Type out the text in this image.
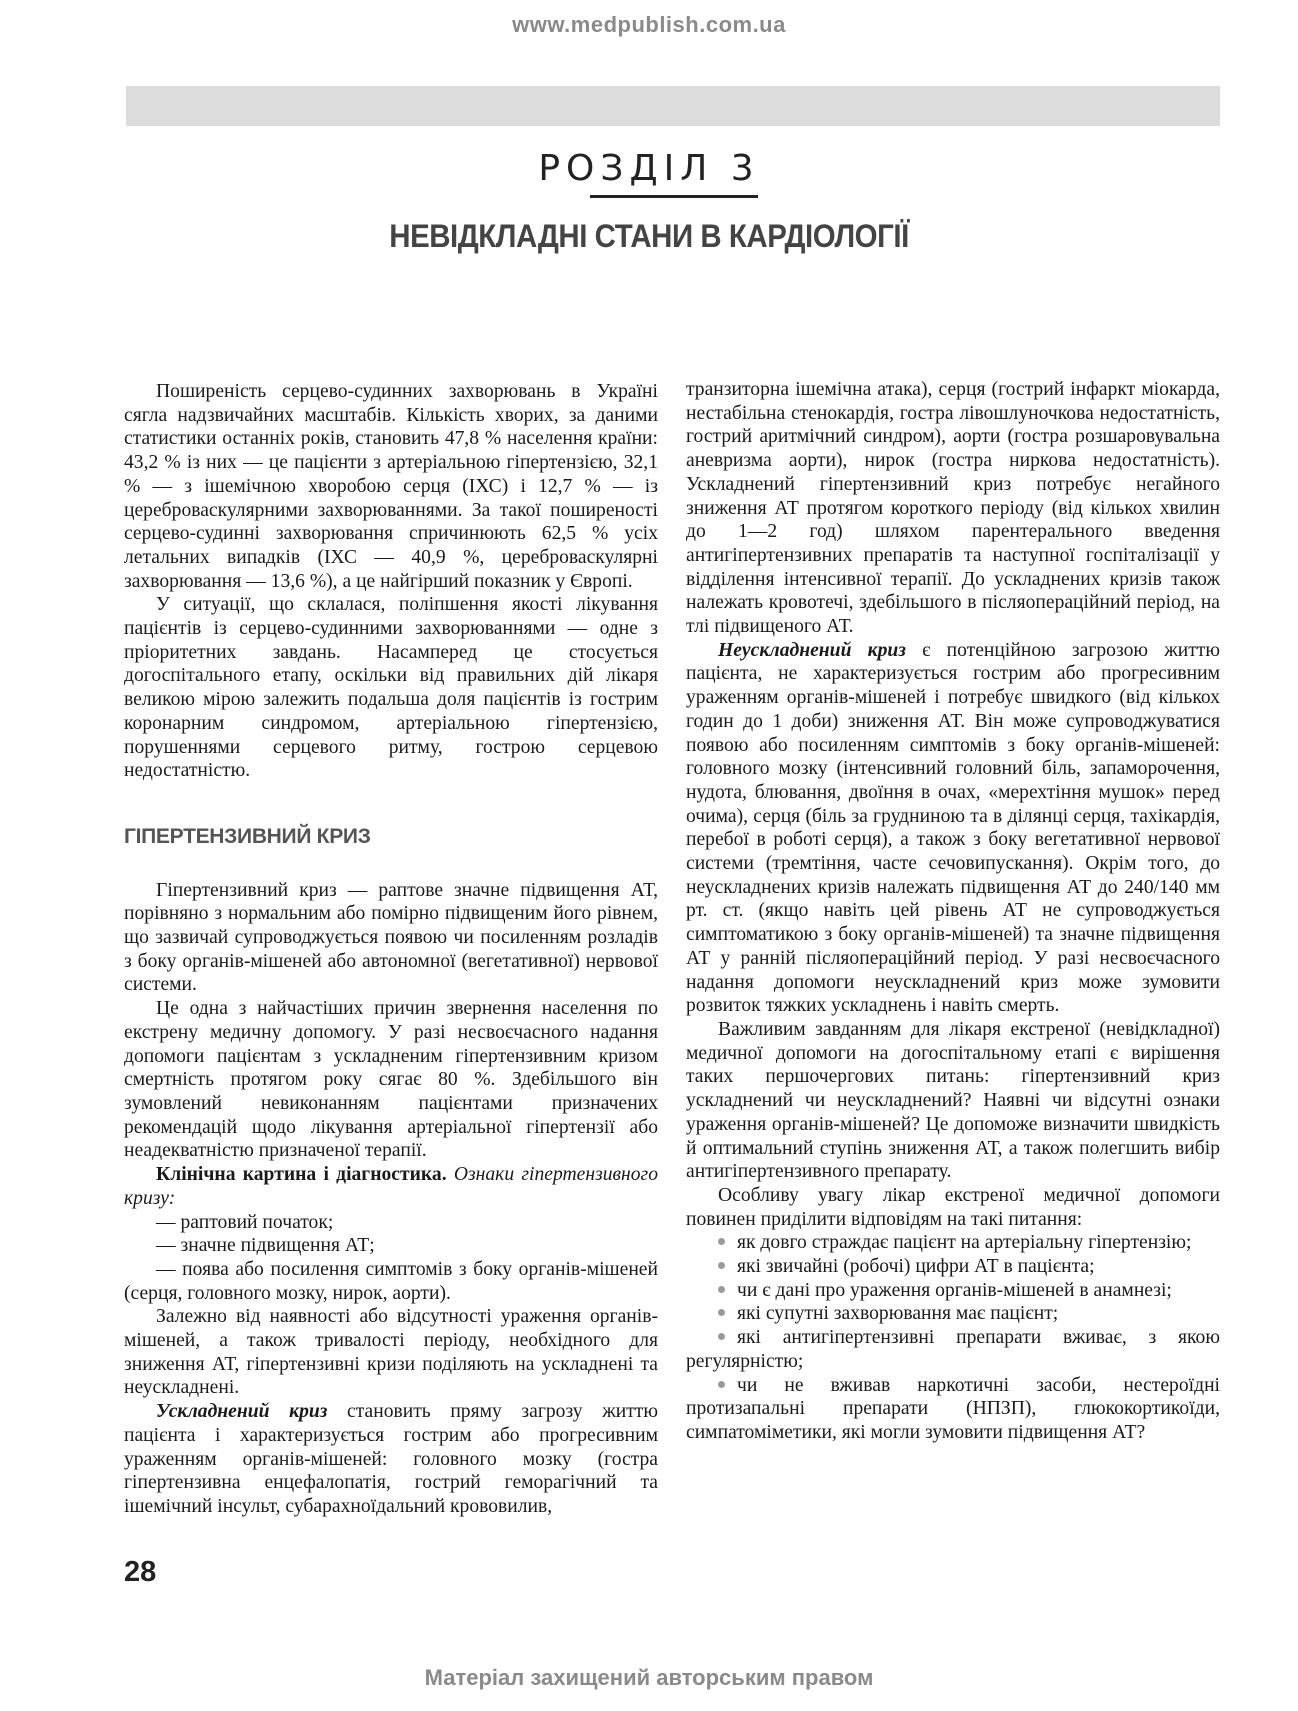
www.medpublish.com.ua
РОЗДІЛ 3
НЕВІДКЛАДНІ СТАНИ В КАРДІОЛОГІЇ

Поширеність серцево-судинних захворювань в Україні сягла надзвичайних масштабів. Кількість хворих, за даними статистики останніх років, становить 47,8 % населення країни: 43,2 % із них — це пацієнти з артеріальною гіпертензією, 32,1 % — з ішемічною хворобою серця (ІХС) і 12,7 % — із цереброваскулярними захворюваннями. За такої поширеності серцево-судинні захворювання спричинюють 62,5 % усіх летальних випадків (ІХС — 40,9 %, цереброваскулярні захворювання — 13,6 %), а це найгірший показник у Європі.

У ситуації, що склалася, поліпшення якості лікування пацієнтів із серцево-судинними захворюваннями — одне з пріоритетних завдань. Насамперед це стосується догоспітального етапу, оскільки від правильних дій лікаря великою мірою залежить подальша доля пацієнтів із гострим коронарним синдромом, артеріальною гіпертензією, порушеннями серцевого ритму, гострою серцевою недостатністю.

ГІПЕРТЕНЗИВНИЙ КРИЗ

Гіпертензивний криз — раптове значне підвищення АТ, порівняно з нормальним або помірно підвищеним його рівнем, що зазвичай супроводжується появою чи посиленням розладів з боку органів-мішеней або автономної (вегетативної) нервової системи.

Це одна з найчастіших причин звернення населення по екстрену медичну допомогу. У разі несвоєчасного надання допомоги пацієнтам з ускладненим гіпертензивним кризом смертність протягом року сягає 80 %. Здебільшого він зумовлений невиконанням пацієнтами призначених рекомендацій щодо лікування артеріальної гіпертензії або неадекватністю призначеної терапії.

Клінічна картина і діагностика. Ознаки гіпертензивного кризу:

— раптовий початок;

— значне підвищення АТ;

— поява або посилення симптомів з боку органів-мішеней (серця, головного мозку, нирок, аорти).

Залежно від наявності або відсутності ураження органів-мішеней, а також тривалості періоду, необхідного для зниження АТ, гіпертензивні кризи поділяють на ускладнені та неускладнені.

Ускладнений криз становить пряму загрозу життю пацієнта і характеризується гострим або прогресивним ураженням органів-мішеней: головного мозку (гостра гіпертензивна енцефалопатія, гострий геморагічний та ішемічний інсульт, субарахноїдальний крововилив,

транзиторна ішемічна атака), серця (гострий інфаркт міокарда, нестабільна стенокардія, гостра лівошлуночкова недостатність, гострий аритмічний синдром), аорти (гостра розшаровувальна аневризма аорти), нирок (гостра ниркова недостатність). Ускладнений гіпертензивний криз потребує негайного зниження АТ протягом короткого періоду (від кількох хвилин до 1—2 год) шляхом парентерального введення антигіпертензивних препаратів та наступної госпіталізації у відділення інтенсивної терапії. До ускладнених кризів також належать кровотечі, здебільшого в післяопераційний період, на тлі підвищеного АТ.

Неускладнений криз є потенційною загрозою життю пацієнта, не характеризується гострим або прогресивним ураженням органів-мішеней і потребує швидкого (від кількох годин до 1 доби) зниження АТ. Він може супроводжуватися появою або посиленням симптомів з боку органів-мішеней: головного мозку (інтенсивний головний біль, запаморочення, нудота, блювання, двоїння в очах, «мерехтіння мушок» перед очима), серця (біль за грудниною та в ділянці серця, тахікардія, перебої в роботі серця), а також з боку вегетативної нервової системи (тремтіння, часте сечовипускання). Окрім того, до неускладнених кризів належать підвищення АТ до 240/140 мм рт. ст. (якщо навіть цей рівень АТ не супроводжується симптоматикою з боку органів-мішеней) та значне підвищення АТ у ранній післяопераційний період. У разі несвоєчасного надання допомоги неускладнений криз може зумовити розвиток тяжких ускладнень і навіть смерть.

Важливим завданням для лікаря екстреної (невідкладної) медичної допомоги на догоспітальному етапі є вирішення таких першочергових питань: гіпертензивний криз ускладнений чи неускладнений? Наявні чи відсутні ознаки ураження органів-мішеней? Це допоможе визначити швидкість й оптимальний ступінь зниження АТ, а також полегшить вибір антигіпертензивного препарату.

Особливу увагу лікар екстреної медичної допомоги повинен приділити відповідям на такі питання:

як довго страждає пацієнт на артеріальну гіпертензію;
які звичайні (робочі) цифри АТ в пацієнта;
чи є дані про ураження органів-мішеней в анамнезі;
які супутні захворювання має пацієнт;
які антигіпертензивні препарати вживає, з якою регулярністю;
чи не вживав наркотичні засоби, нестероїдні протизапальні препарати (НПЗП), глюкокортикоїди, симпатоміметики, які могли зумовити підвищення АТ?
28
Матеріал захищений авторським правом
